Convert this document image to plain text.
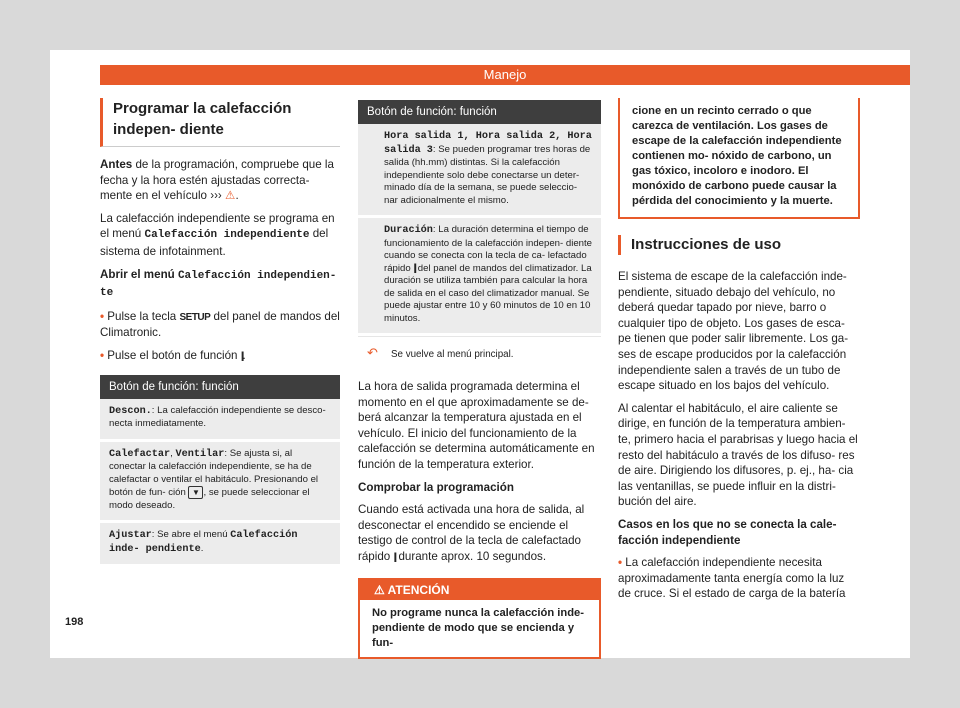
Manejo
Programar la calefacción indepen- diente

Antes de la programación, compruebe que la fecha y la hora estén ajustadas correcta- mente en el vehículo ››› ⚠.

La calefacción independiente se programa en el menú Calefacción independiente del sistema de infotainment.

Abrir el menú Calefacción independien- te

• Pulse la tecla SETUP del panel de mandos del Climatronic.

• Pulse el botón de función |||.

Botón de función: función
Descon.: La calefacción independiente se desco- necta inmediatamente.
Calefactar, Ventilar: Se ajusta si, al conectar la calefacción independiente, se ha de calefactar o ventilar el habitáculo. Presionando el botón de fun- ción ▼ , se puede seleccionar el modo deseado.
Ajustar: Se abre el menú Calefacción inde- pendiente.
Botón de función: función
Hora salida 1, Hora salida 2, Hora salida 3: Se pueden programar tres horas de salida (hh.mm) distintas. Si la calefacción independiente solo debe conectarse un deter- minado día de la semana, se puede seleccio- nar adicionalmente el mismo.
Duración: La duración determina el tiempo de funcionamiento de la calefacción indepen- diente cuando se conecta con la tecla de ca- lefactado rápido ||| del panel de mandos del climatizador. La duración se utiliza también para calcular la hora de salida en el caso del climatizador manual. Se puede ajustar entre 10 y 60 minutos de 10 en 10 minutos.
↶ Se vuelve al menú principal.

La hora de salida programada determina el momento en el que aproximadamente se de- berá alcanzar la temperatura ajustada en el vehículo. El inicio del funcionamiento de la calefacción se determina automáticamente en función de la temperatura exterior.

Comprobar la programación

Cuando está activada una hora de salida, al desconectar el encendido se enciende el testigo de control de la tecla de calefactado rápido ||| durante aprox. 10 segundos.

⚠ ATENCIÓN
No programe nunca la calefacción inde- pendiente de modo que se encienda y fun-
cione en un recinto cerrado o que carezca de ventilación. Los gases de escape de la calefacción independiente contienen mo- nóxido de carbono, un gas tóxico, incoloro e inodoro. El monóxido de carbono puede causar la pérdida del conocimiento y la muerte.
Instrucciones de uso

El sistema de escape de la calefacción inde- pendiente, situado debajo del vehículo, no deberá quedar tapado por nieve, barro o cualquier tipo de objeto. Los gases de esca- pe tienen que poder salir libremente. Los ga- ses de escape producidos por la calefacción independiente salen a través de un tubo de escape situado en los bajos del vehículo.

Al calentar el habitáculo, el aire caliente se dirige, en función de la temperatura ambien- te, primero hacia el parabrisas y luego hacia el resto del habitáculo a través de los difuso- res de aire. Dirigiendo los difusores, p. ej., ha- cia las ventanillas, se puede influir en la distri- bución del aire.

Casos en los que no se conecta la cale- facción independiente

• La calefacción independiente necesita aproximadamente tanta energía como la luz de cruce. Si el estado de carga de la batería

198
